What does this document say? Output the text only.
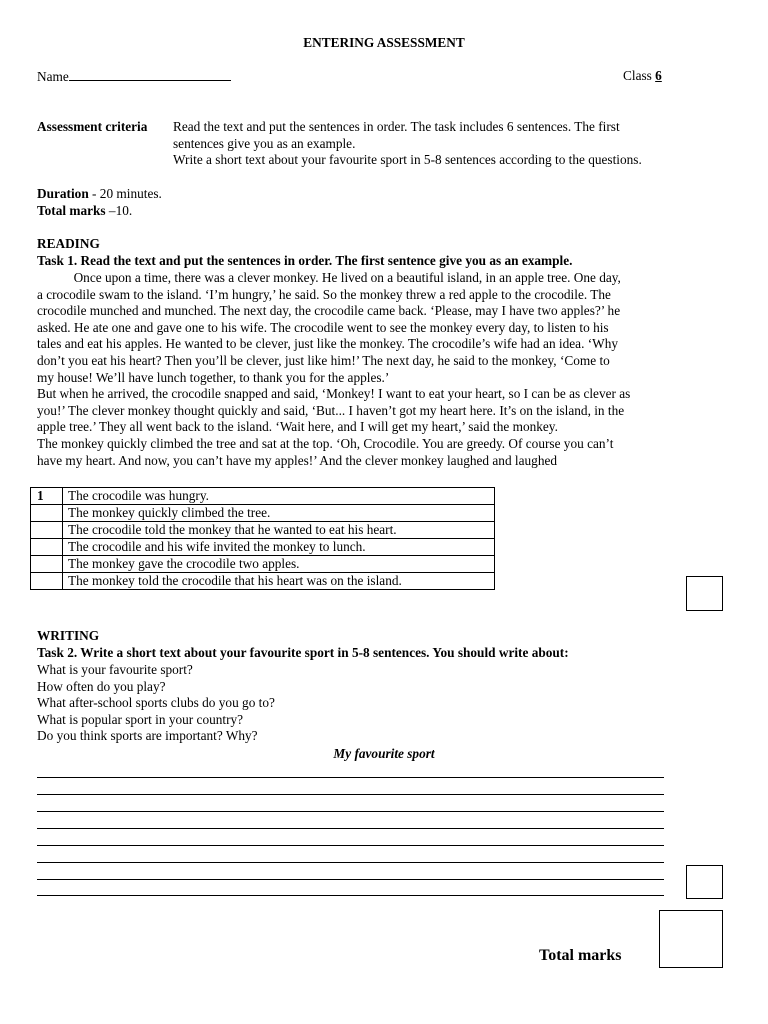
ENTERING ASSESSMENT
Name	Class 6
Assessment criteria Read the text and put the sentences in order. The task includes 6 sentences. The first
sentences give you as an example.
Write a short text about your favourite sport in 5-8 sentences according to the questions.
Duration - 20 minutes.
Total marks –10.
READING
Task 1. Read the text and put the sentences in order. The first sentence give you as an example.
Once upon a time, there was a clever monkey. He lived on a beautiful island, in an apple tree. One day,
a crocodile swam to the island. ‘I’m hungry,’ he said. So the monkey threw a red apple to the crocodile. The
crocodile munched and munched. The next day, the crocodile came back. ‘Please, may I have two apples?’ he
asked. He ate one and gave one to his wife. The crocodile went to see the monkey every day, to listen to his
tales and eat his apples. He wanted to be clever, just like the monkey. The crocodile’s wife had an idea. ‘Why
don’t you eat his heart? Then you’ll be clever, just like him!’ The next day, he said to the monkey, ‘Come to
my house! We’ll have lunch together, to thank you for the apples.’
But when he arrived, the crocodile snapped and said, ‘Monkey! I want to eat your heart, so I can be as clever as
you!’ The clever monkey thought quickly and said, ‘But... I haven’t got my heart here. It’s on the island, in the
apple tree.’ They all went back to the island. ‘Wait here, and I will get my heart,’ said the monkey.
The monkey quickly climbed the tree and sat at the top. ‘Oh, Crocodile. You are greedy. Of course you can’t
have my heart. And now, you can’t have my apples!’ And the clever monkey laughed and laughed
1	The crocodile was hungry.
	The monkey quickly climbed the tree.
	The crocodile told the monkey that he wanted to eat his heart.
	The crocodile and his wife invited the monkey to lunch.
	The monkey gave the crocodile two apples.
	The monkey told the crocodile that his heart was on the island.
WRITING
Task 2. Write a short text about your favourite sport in 5-8 sentences. You should write about:
What is your favourite sport?
How often do you play?
What after-school sports clubs do you go to?
What is popular sport in your country?
Do you think sports are important? Why?
My favourite sport
Total marks
